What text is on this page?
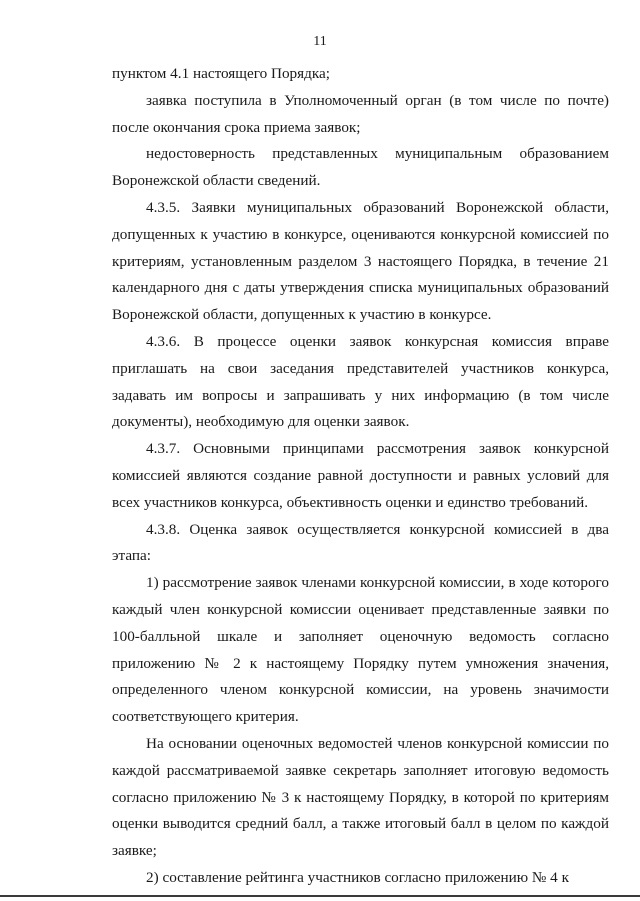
11

пунктом 4.1 настоящего Порядка;

заявка поступила в Уполномоченный орган (в том числе по почте) после окончания срока приема заявок;

недостоверность представленных муниципальным образованием Воронежской области сведений.

4.3.5. Заявки муниципальных образований Воронежской области, допущенных к участию в конкурсе, оцениваются конкурсной комиссией по критериям, установленным разделом 3 настоящего Порядка, в течение 21 календарного дня с даты утверждения списка муниципальных образований Воронежской области, допущенных к участию в конкурсе.

4.3.6. В процессе оценки заявок конкурсная комиссия вправе приглашать на свои заседания представителей участников конкурса, задавать им вопросы и запрашивать у них информацию (в том числе документы), необходимую для оценки заявок.

4.3.7. Основными принципами рассмотрения заявок конкурсной комиссией являются создание равной доступности и равных условий для всех участников конкурса, объективность оценки и единство требований.

4.3.8. Оценка заявок осуществляется конкурсной комиссией в два этапа:

1) рассмотрение заявок членами конкурсной комиссии, в ходе которого каждый член конкурсной комиссии оценивает представленные заявки по 100-балльной шкале и заполняет оценочную ведомость согласно приложению № 2 к настоящему Порядку путем умножения значения, определенного членом конкурсной комиссии, на уровень значимости соответствующего критерия.

На основании оценочных ведомостей членов конкурсной комиссии по каждой рассматриваемой заявке секретарь заполняет итоговую ведомость согласно приложению № 3 к настоящему Порядку, в которой по критериям оценки выводится средний балл, а также итоговый балл в целом по каждой заявке;

2) составление рейтинга участников согласно приложению № 4 к
